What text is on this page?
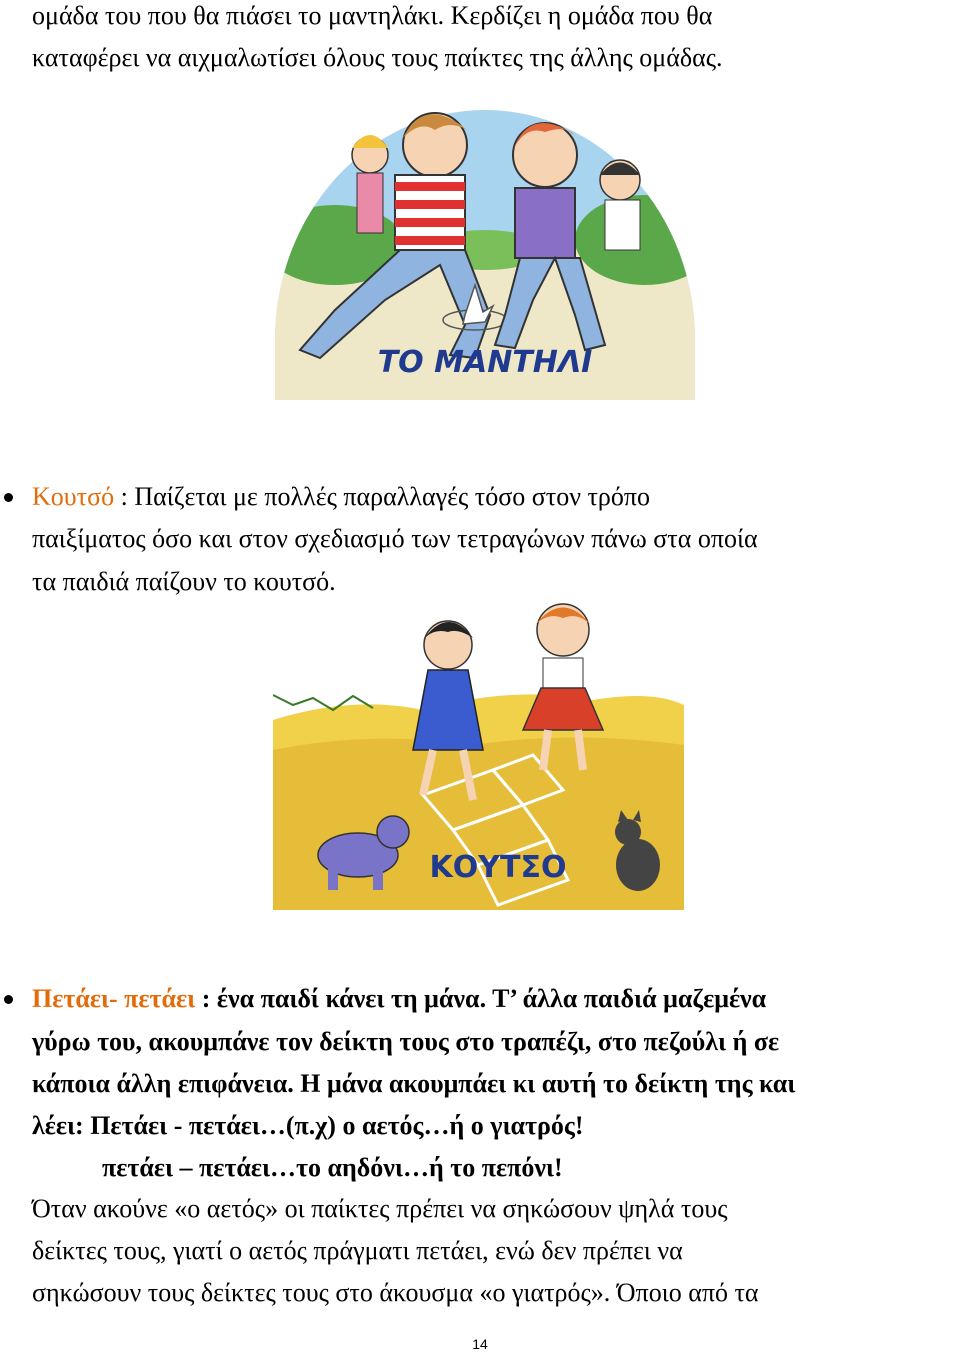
ομάδα του που θα πιάσει το μαντηλάκι. Κερδίζει η ομάδα που θα
καταφέρει να αιχμαλωτίσει όλους τους παίκτες της άλλης ομάδας.
ΤΟ ΜΑΝΤΗΛΙ
Κουτσό : Παίζεται με πολλές παραλλαγές τόσο στον τρόπο
παιξίματος όσο και στον σχεδιασμό των τετραγώνων πάνω στα οποία
τα παιδιά παίζουν το κουτσό.
ΚΟΥΤΣΟ
Πετάει- πετάει : ένα παιδί κάνει τη μάνα. Τ’ άλλα παιδιά μαζεμένα
γύρω του, ακουμπάνε τον δείκτη τους στο τραπέζι, στο πεζούλι ή σε
κάποια άλλη επιφάνεια. Η μάνα ακουμπάει κι αυτή το δείκτη της και
λέει: Πετάει - πετάει…(π.χ) ο αετός…ή ο γιατρός!
πετάει – πετάει…το αηδόνι…ή το πεπόνι!
Όταν ακούνε «ο αετός» οι παίκτες πρέπει να σηκώσουν ψηλά τους
δείκτες τους, γιατί ο αετός πράγματι πετάει, ενώ δεν πρέπει να
σηκώσουν τους δείκτες τους στο άκουσμα «ο γιατρός». Όποιο από τα
14
